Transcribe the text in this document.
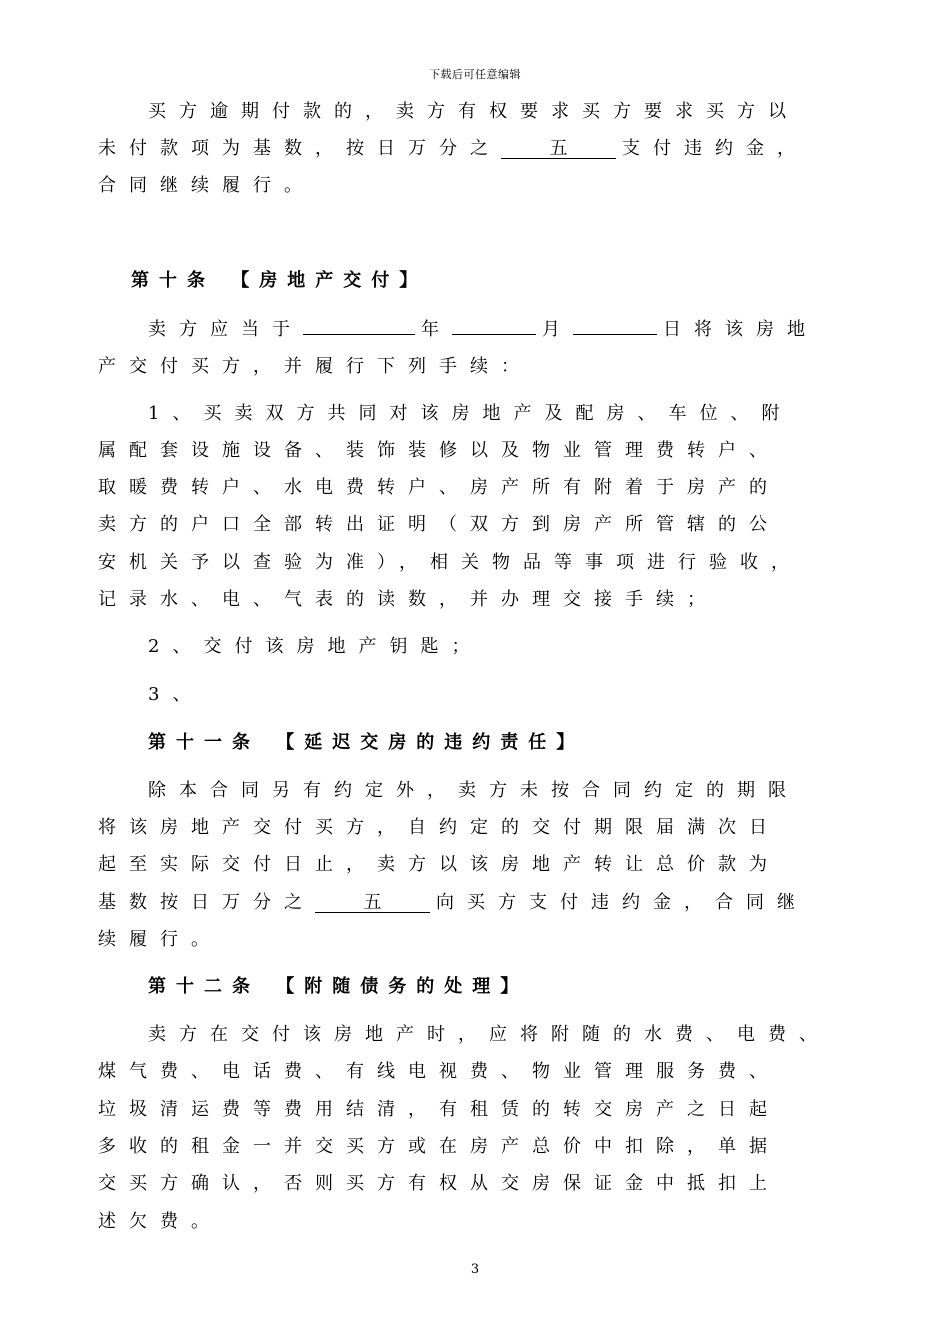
下载后可任意编辑
买方逾期付款的，卖方有权要求买方要求买方以
未付款项为基数，按日万分之	五	支付违约金，
合同继续履行。
第十条 【房地产交付】
卖方应当于	年	月	日将该房地
产交付买方，并履行下列手续：
1、买卖双方共同对该房地产及配房、车位、附
属配套设施设备、装饰装修以及物业管理费转户、
取暖费转户、水电费转户、房产所有附着于房产的
卖方的户口全部转出证明（双方到房产所管辖的公
安机关予以查验为准），相关物品等事项进行验收，
记录水、电、气表的读数，并办理交接手续；
2、交付该房地产钥匙；
3、
第十一条 【延迟交房的违约责任】
除本合同另有约定外，卖方未按合同约定的期限
将该房地产交付买方，自约定的交付期限届满次日
起至实际交付日止，卖方以该房地产转让总价款为
基数按日万分之	五	向买方支付违约金，合同继
续履行。
第十二条 【附随债务的处理】
卖方在交付该房地产时，应将附随的水费、电费、
煤气费、电话费、有线电视费、物业管理服务费、
垃圾清运费等费用结清，有租赁的转交房产之日起
多收的租金一并交买方或在房产总价中扣除，单据
交买方确认，否则买方有权从交房保证金中抵扣上
述欠费。
3
